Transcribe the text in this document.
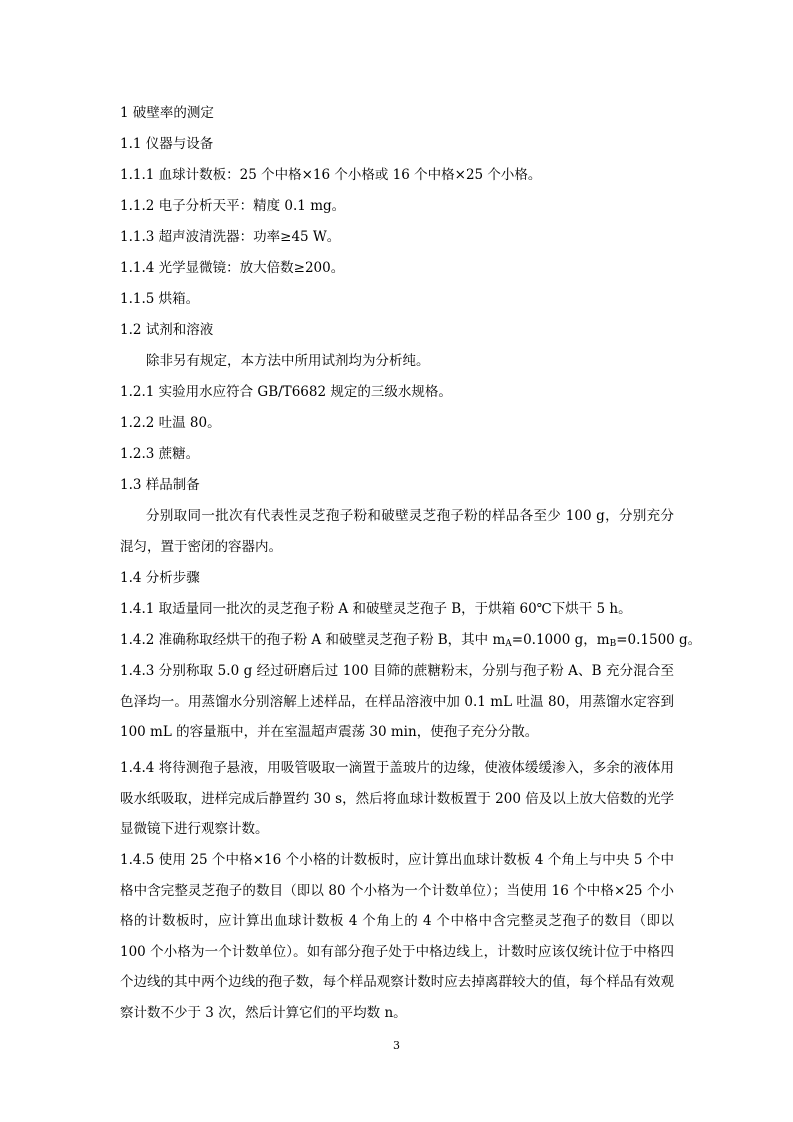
1 破壁率的测定
1.1 仪器与设备
1.1.1 血球计数板：25 个中格×16 个小格或 16 个中格×25 个小格。
1.1.2 电子分析天平：精度 0.1 mg。
1.1.3 超声波清洗器：功率≥45 W。
1.1.4 光学显微镜：放大倍数≥200。
1.1.5 烘箱。
1.2 试剂和溶液
除非另有规定，本方法中所用试剂均为分析纯。
1.2.1 实验用水应符合 GB/T6682 规定的三级水规格。
1.2.2 吐温 80。
1.2.3 蔗糖。
1.3 样品制备
分别取同一批次有代表性灵芝孢子粉和破壁灵芝孢子粉的样品各至少 100 g，分别充分混匀，置于密闭的容器内。
1.4 分析步骤
1.4.1 取适量同一批次的灵芝孢子粉 A 和破壁灵芝孢子 B，于烘箱 60℃下烘干 5 h。
1.4.2 准确称取经烘干的孢子粉 A 和破壁灵芝孢子粉 B，其中 $m_A=0.1000$ g，$m_B=0.1500$ g。
1.4.3 分别称取 5.0 g 经过研磨后过 100 目筛的蔗糖粉末，分别与孢子粉 A、B 充分混合至色泽均一。用蒸馏水分别溶解上述样品，在样品溶液中加 0.1 mL 吐温 80，用蒸馏水定容到 100 mL 的容量瓶中，并在室温超声震荡 30 min，使孢子充分分散。
1.4.4 将待测孢子悬液，用吸管吸取一滴置于盖玻片的边缘，使液体缓缓渗入，多余的液体用吸水纸吸取，进样完成后静置约 30 s，然后将血球计数板置于 200 倍及以上放大倍数的光学显微镜下进行观察计数。
1.4.5 使用 25 个中格×16 个小格的计数板时，应计算出血球计数板 4 个角上与中央 5 个中格中含完整灵芝孢子的数目（即以 80 个小格为一个计数单位）；当使用 16 个中格×25 个小格的计数板时，应计算出血球计数板 4 个角上的 4 个中格中含完整灵芝孢子的数目（即以 100 个小格为一个计数单位）。如有部分孢子处于中格边线上，计数时应该仅统计位于中格四个边线的其中两个边线的孢子数，每个样品观察计数时应去掉离群较大的值，每个样品有效观察计数不少于 3 次，然后计算它们的平均数 n。
3
